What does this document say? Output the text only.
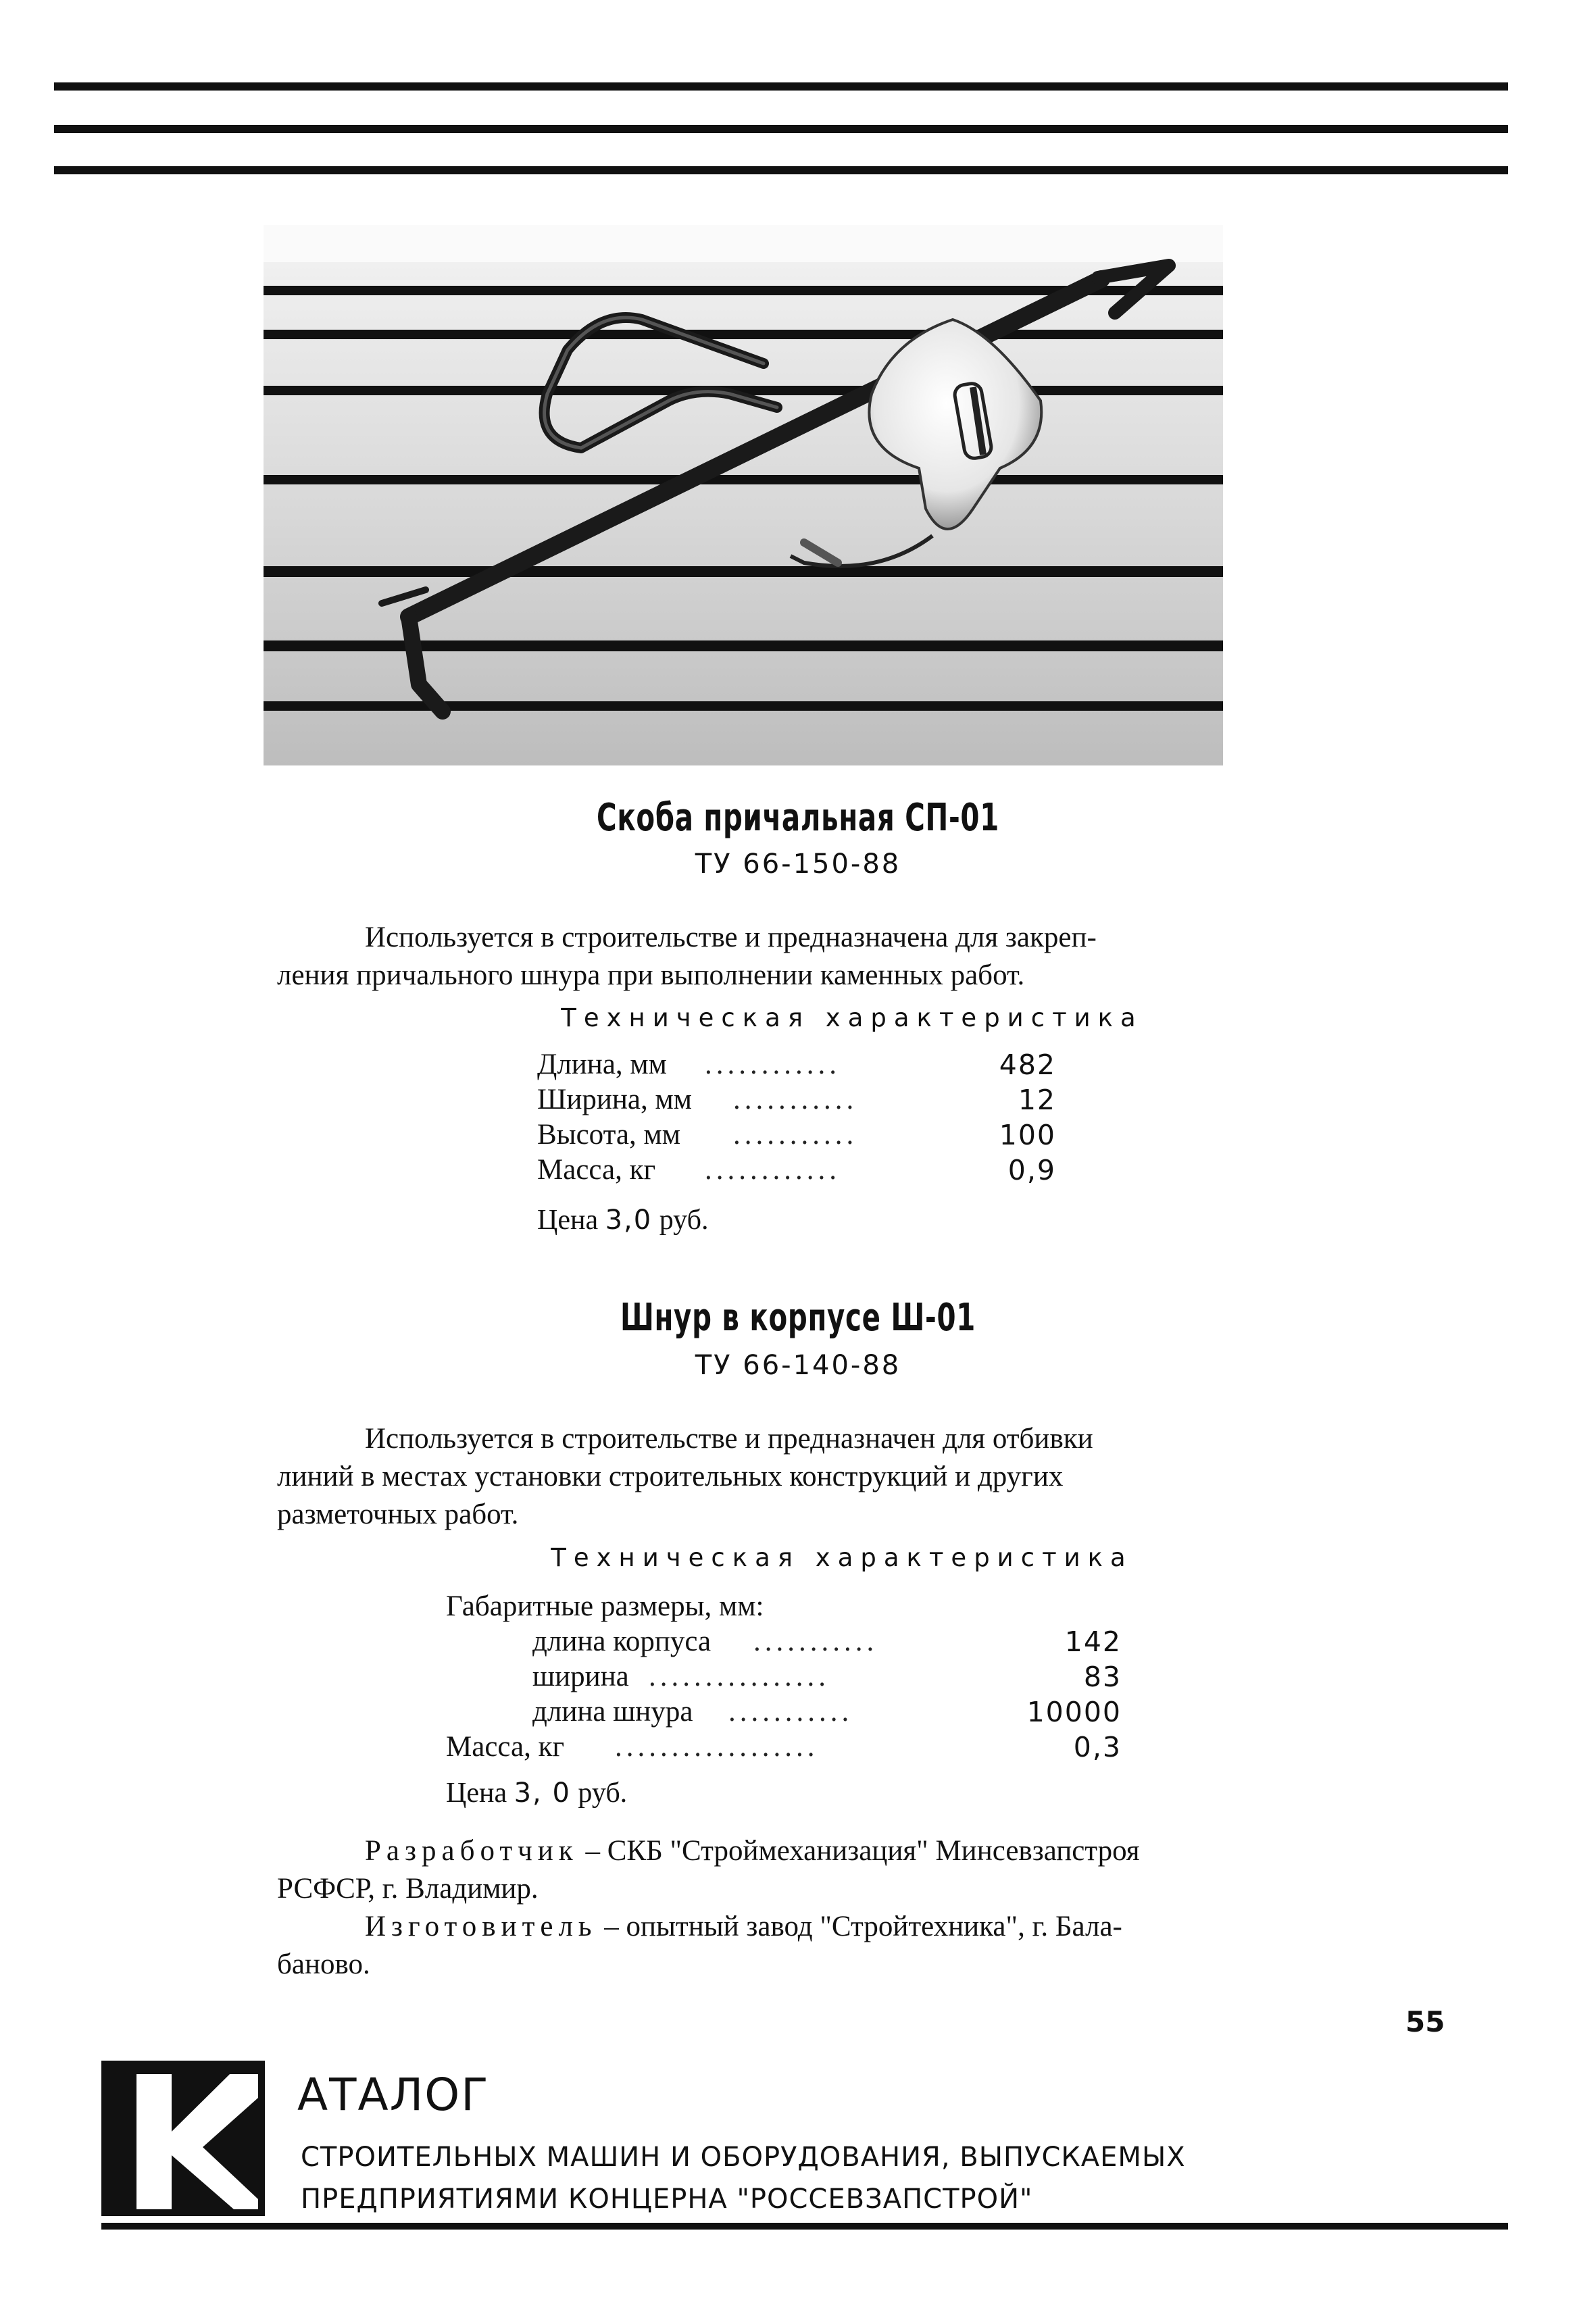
Скоба причальная СП-01
ТУ 66-150-88
Используется в строительстве и предназначена для закреп-
ления причального шнура при выполнении каменных работ.
Техническая характеристика
Длина, мм ............	482
Ширина, мм ...........	12
Высота, мм ...........	100
Масса, кг ............	0,9
Цена 3,0 руб.
Шнур в корпусе Ш-01
ТУ 66-140-88
Используется в строительстве и предназначен для отбивки
линий в местах установки строительных конструкций и других
разметочных работ.
Техническая характеристика
Габаритные размеры, мм:
длина корпуса ...........	142
ширина ................	83
длина шнура ...........	10000
Масса, кг ..................	0,3
Цена 3, 0 руб.
Разработчик – СКБ "Строймеханизация" Минсевзапстроя
РСФСР, г. Владимир.
Изготовитель – опытный завод "Стройтехника", г. Бала-
баново.
55
АТАЛОГ
СТРОИТЕЛЬНЫХ МАШИН И ОБОРУДОВАНИЯ, ВЫПУСКАЕМЫХ
ПРЕДПРИЯТИЯМИ КОНЦЕРНА "РОССЕВЗАПСТРОЙ"
